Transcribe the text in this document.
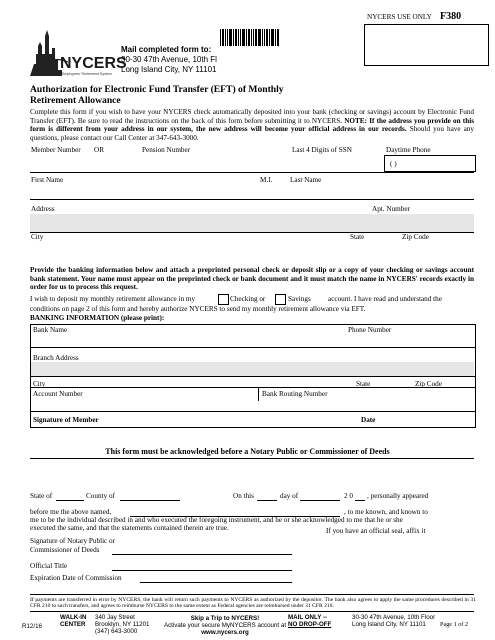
NYCERS USE ONLY F380
NYCERS
Employees' Retirement System
Mail completed form to:
30-30 47th Avenue, 10th Fl
Long Island City, NY 11101
Authorization for Electronic Fund Transfer (EFT) of Monthly
Retirement Allowance
Complete this form if you wish to have your NYCERS check automatically deposited into your bank (checking or savings) account by Electronic Fund Transfer (EFT). Be sure to read the instructions on the back of this form before submitting it to NYCERS. NOTE: If the address you provide on this form is different from your address in our system, the new address will become your official address in our records. Should you have any questions, please contact our Call Center at 347-643-3000.
Member Number OR	Pension Number	Last 4 Digits of SSN	Daytime Phone
( )
First Name	M.I. Last Name
Address	Apt. Number
City	State	Zip Code
Provide the banking information below and attach a preprinted personal check or deposit slip or a copy of your checking or savings account bank statement. Your name must appear on the preprinted check or bank document and it must match the name in NYCERS' records exactly in order for us to process this request.
I wish to deposit my monthly retirement allowance in my	Checking or	Savings account. I have read and understand the
conditions on page 2 of this form and hereby authorize NYCERS to send my monthly retirement allowance via EFT.
BANKING INFORMATION (please print):
Bank Name	Phone Number
Branch Address
City	State	Zip Code
Account Number	Bank Routing Number
Signature of Member	Date
This form must be acknowledged before a Notary Public or Commissioner of Deeds
State of	County of	On this	day of	2 0 , personally appeared
before me the above named,	, to me known, and known to
me to be the individual described in and who executed the foregoing instrument, and he or she acknowledged to me that he or she
executed the same, and that the statements contained therein are true.	If you have an official seal, affix it
Signature of Notary Public or
Commissioner of Deeds
Official Title
Expiration Date of Commission
If payments are transferred in error by NYCERS, the bank will return such payments to NYCERS as authorized by the depositor. The bank also agrees to apply the same procedures described in 31 CFR 210 to such transfers, and agrees to reimburse NYCERS to the same extent as Federal agencies are reimbursed under 31 CFR 210.
R12/16
WALK-IN
CENTER
340 Jay Street
Brooklyn, NY 11201
(347) 643-3000
Skip a Trip to NYCERS!
Activate your secure MyNYCERS account at
www.nycers.org
MAIL ONLY --
NO DROP-OFF
30-30 47th Avenue, 10th Floor
Long Island City, NY 11101 Page 1 of 2
